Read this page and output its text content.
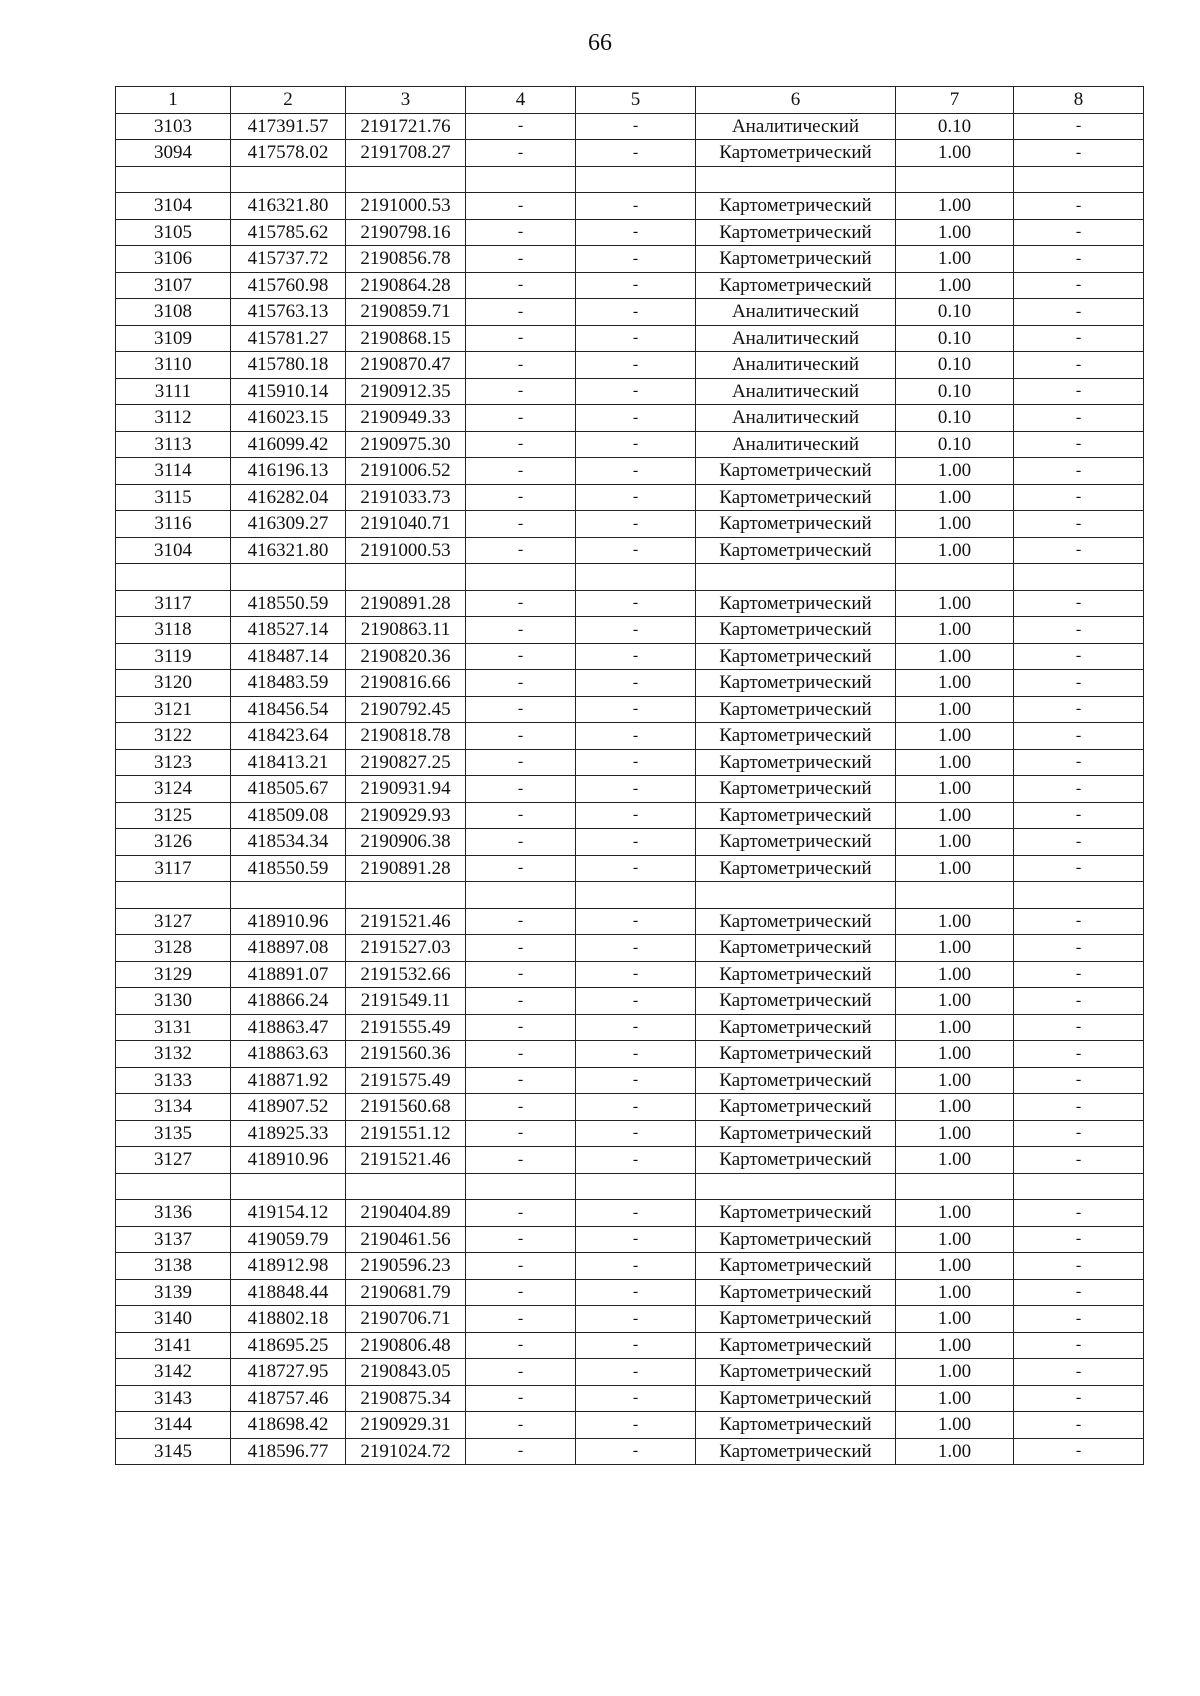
66
1	2	3	4	5	6	7	8
3103	417391.57	2191721.76	-	-	Аналитический	0.10	-
3094	417578.02	2191708.27	-	-	Картометрический	1.00	-

3104	416321.80	2191000.53	-	-	Картометрический	1.00	-
3105	415785.62	2190798.16	-	-	Картометрический	1.00	-
3106	415737.72	2190856.78	-	-	Картометрический	1.00	-
3107	415760.98	2190864.28	-	-	Картометрический	1.00	-
3108	415763.13	2190859.71	-	-	Аналитический	0.10	-
3109	415781.27	2190868.15	-	-	Аналитический	0.10	-
3110	415780.18	2190870.47	-	-	Аналитический	0.10	-
3111	415910.14	2190912.35	-	-	Аналитический	0.10	-
3112	416023.15	2190949.33	-	-	Аналитический	0.10	-
3113	416099.42	2190975.30	-	-	Аналитический	0.10	-
3114	416196.13	2191006.52	-	-	Картометрический	1.00	-
3115	416282.04	2191033.73	-	-	Картометрический	1.00	-
3116	416309.27	2191040.71	-	-	Картометрический	1.00	-
3104	416321.80	2191000.53	-	-	Картометрический	1.00	-

3117	418550.59	2190891.28	-	-	Картометрический	1.00	-
3118	418527.14	2190863.11	-	-	Картометрический	1.00	-
3119	418487.14	2190820.36	-	-	Картометрический	1.00	-
3120	418483.59	2190816.66	-	-	Картометрический	1.00	-
3121	418456.54	2190792.45	-	-	Картометрический	1.00	-
3122	418423.64	2190818.78	-	-	Картометрический	1.00	-
3123	418413.21	2190827.25	-	-	Картометрический	1.00	-
3124	418505.67	2190931.94	-	-	Картометрический	1.00	-
3125	418509.08	2190929.93	-	-	Картометрический	1.00	-
3126	418534.34	2190906.38	-	-	Картометрический	1.00	-
3117	418550.59	2190891.28	-	-	Картометрический	1.00	-

3127	418910.96	2191521.46	-	-	Картометрический	1.00	-
3128	418897.08	2191527.03	-	-	Картометрический	1.00	-
3129	418891.07	2191532.66	-	-	Картометрический	1.00	-
3130	418866.24	2191549.11	-	-	Картометрический	1.00	-
3131	418863.47	2191555.49	-	-	Картометрический	1.00	-
3132	418863.63	2191560.36	-	-	Картометрический	1.00	-
3133	418871.92	2191575.49	-	-	Картометрический	1.00	-
3134	418907.52	2191560.68	-	-	Картометрический	1.00	-
3135	418925.33	2191551.12	-	-	Картометрический	1.00	-
3127	418910.96	2191521.46	-	-	Картометрический	1.00	-

3136	419154.12	2190404.89	-	-	Картометрический	1.00	-
3137	419059.79	2190461.56	-	-	Картометрический	1.00	-
3138	418912.98	2190596.23	-	-	Картометрический	1.00	-
3139	418848.44	2190681.79	-	-	Картометрический	1.00	-
3140	418802.18	2190706.71	-	-	Картометрический	1.00	-
3141	418695.25	2190806.48	-	-	Картометрический	1.00	-
3142	418727.95	2190843.05	-	-	Картометрический	1.00	-
3143	418757.46	2190875.34	-	-	Картометрический	1.00	-
3144	418698.42	2190929.31	-	-	Картометрический	1.00	-
3145	418596.77	2191024.72	-	-	Картометрический	1.00	-
